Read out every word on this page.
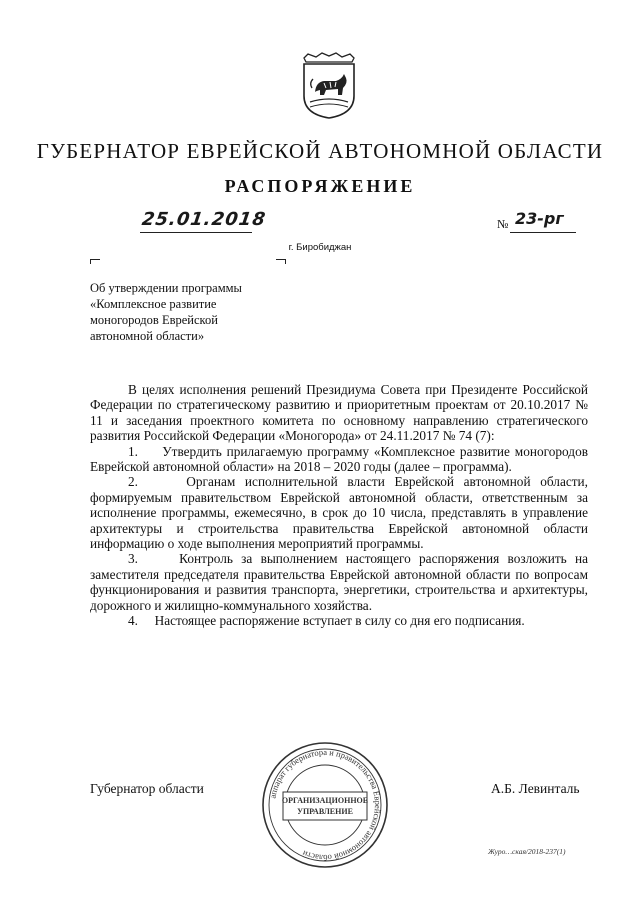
ГУБЕРНАТОР ЕВРЕЙСКОЙ АВТОНОМНОЙ ОБЛАСТИ
РАСПОРЯЖЕНИЕ
25.01.2018	№ 23-рг
г. Биробиджан
Об утверждении программы
«Комплексное развитие
моногородов Еврейской
автономной области»

В целях исполнения решений Президиума Совета при Президенте Российской Федерации по стратегическому развитию и приоритетным проектам от 20.10.2017 № 11 и заседания проектного комитета по основному направлению стратегического развития Российской Федерации «Моногорода» от 24.11.2017 № 74 (7):

1.     Утвердить прилагаемую программу «Комплексное развитие моногородов Еврейской автономной области» на 2018 – 2020 годы (далее – программа).

2.     Органам исполнительной власти Еврейской автономной области, формируемым правительством Еврейской автономной области, ответственным за исполнение программы, ежемесячно, в срок до 10 числа, представлять в управление архитектуры и строительства правительства Еврейской автономной области информацию о ходе выполнения мероприятий программы.

3.     Контроль за выполнением настоящего распоряжения возложить на заместителя председателя правительства Еврейской автономной области по вопросам функционирования и развития транспорта, энергетики, строительства и архитектуры, дорожного и жилищно-коммунального хозяйства.

4.     Настоящее распоряжение вступает в силу со дня его подписания.

Губернатор области
аппарат губернатора и правительства Еврейской автономной области
ОРГАНИЗАЦИОННОЕ
УПРАВЛЕНИЕ
А.Б. Левинталь
Журо…ская/2018-237(1)
